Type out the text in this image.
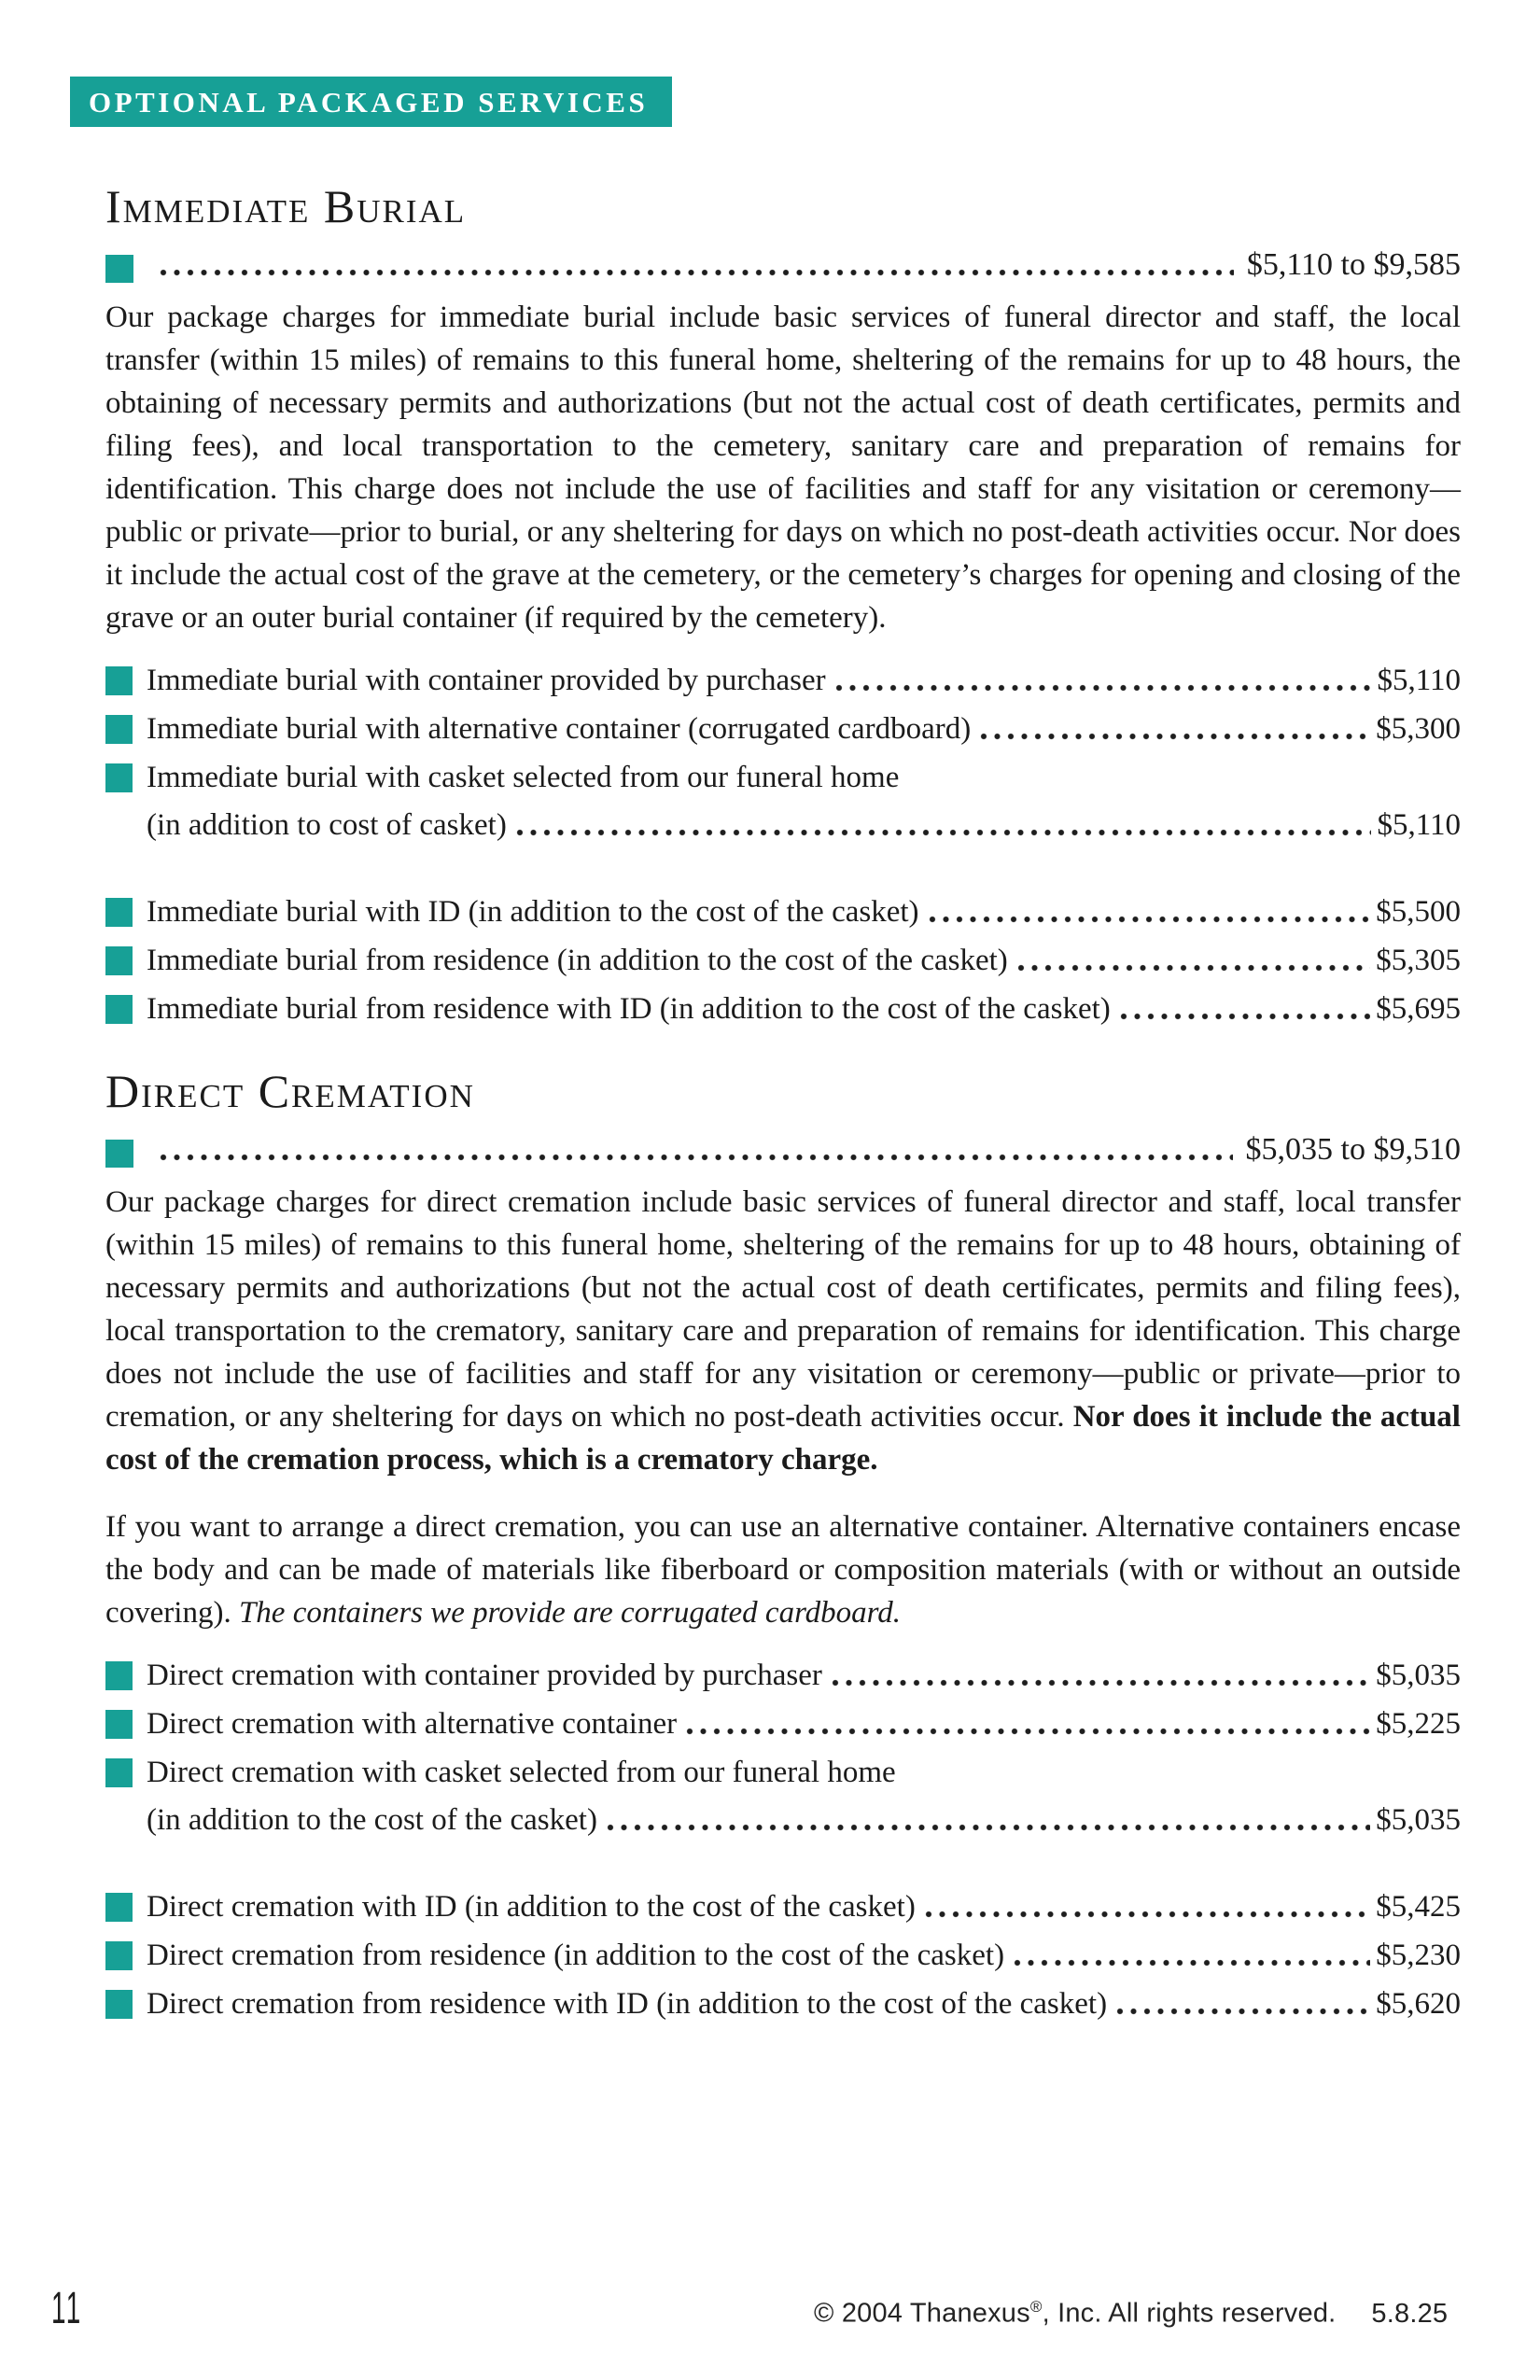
OPTIONAL PACKAGED SERVICES
Immediate Burial
$5,110 to $9,585

Our package charges for immediate burial include basic services of funeral director and staff, the local transfer (within 15 miles) of remains to this funeral home, sheltering of the remains for up to 48 hours, the obtaining of necessary permits and authorizations (but not the actual cost of death certificates, permits and filing fees), and local transportation to the cemetery, sanitary care and preparation of remains for identification. This charge does not include the use of facilities and staff for any visitation or ceremony—public or private—prior to burial, or any sheltering for days on which no post-death activities occur. Nor does it include the actual cost of the grave at the cemetery, or the cemetery’s charges for opening and closing of the grave or an outer burial container (if required by the cemetery).

Immediate burial with container provided by purchaser	$5,110
Immediate burial with alternative container (corrugated cardboard)	$5,300
Immediate burial with casket selected from our funeral home
(in addition to cost of casket)	$5,110
Immediate burial with ID (in addition to the cost of the casket)	$5,500
Immediate burial from residence (in addition to the cost of the casket)	$5,305
Immediate burial from residence with ID (in addition to the cost of the casket)	$5,695
Direct Cremation
$5,035 to $9,510

Our package charges for direct cremation include basic services of funeral director and staff, local transfer (within 15 miles) of remains to this funeral home, sheltering of the remains for up to 48 hours, obtaining of necessary permits and authorizations (but not the actual cost of death certificates, permits and filing fees), local transportation to the crematory, sanitary care and preparation of remains for identification. This charge does not include the use of facilities and staff for any visitation or ceremony—public or private—prior to cremation, or any sheltering for days on which no post-death activities occur. Nor does it include the actual cost of the cremation process, which is a crematory charge.

If you want to arrange a direct cremation, you can use an alternative container. Alternative containers encase the body and can be made of materials like fiberboard or composition materials (with or without an outside covering). The containers we provide are corrugated cardboard.

Direct cremation with container provided by purchaser	$5,035
Direct cremation with alternative container	$5,225
Direct cremation with casket selected from our funeral home
(in addition to the cost of the casket)	$5,035
Direct cremation with ID (in addition to the cost of the casket)	$5,425
Direct cremation from residence (in addition to the cost of the casket)	$5,230
Direct cremation from residence with ID (in addition to the cost of the casket)	$5,620
11	© 2004 Thanexus®, Inc. All rights reserved. 5.8.25
